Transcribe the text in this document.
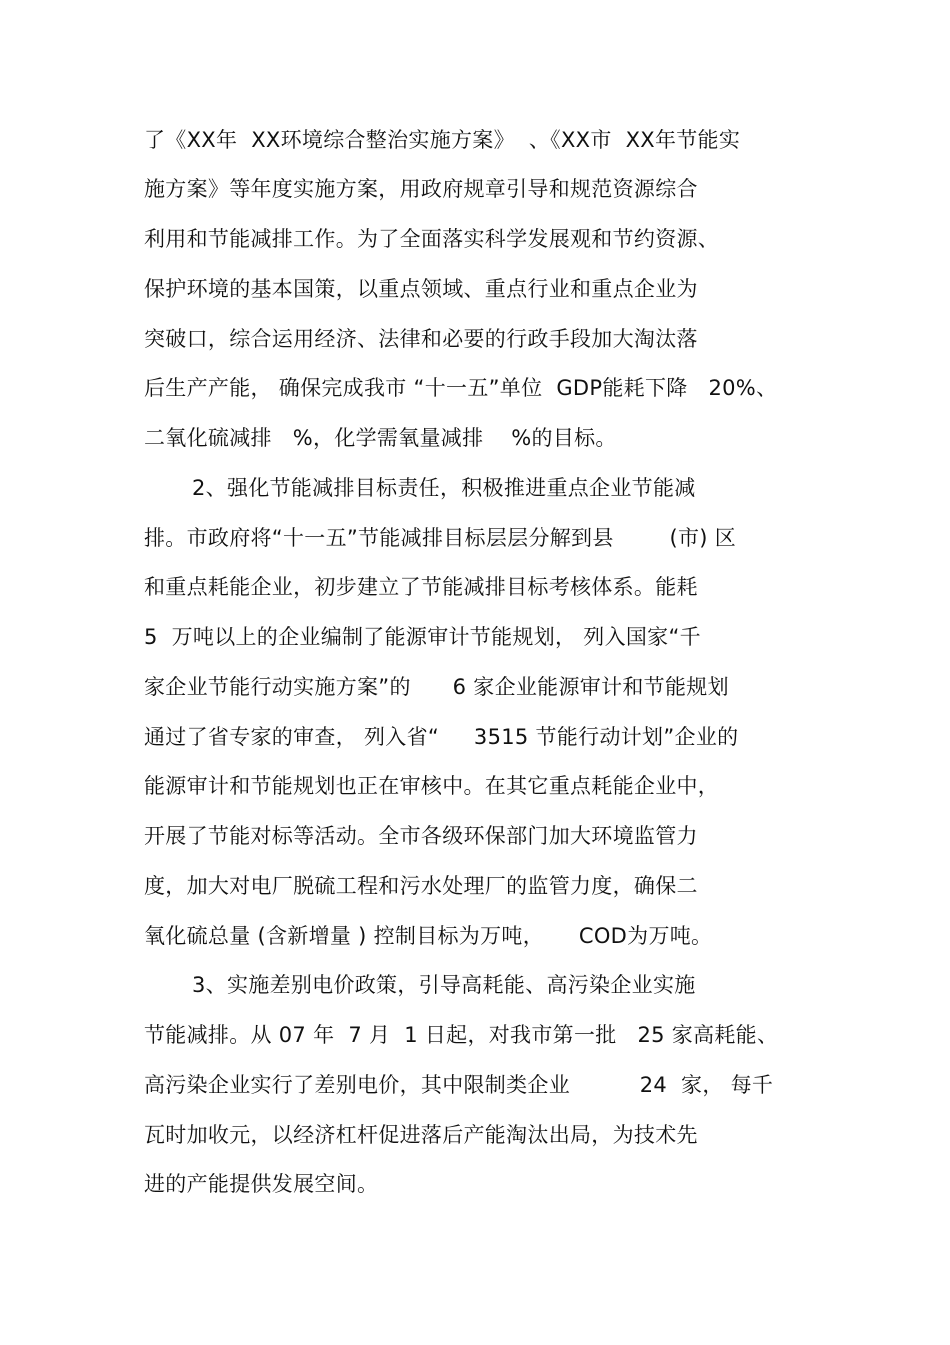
了《XX年  XX环境综合整治实施方案》  、《XX市  XX年节能实
施方案》等年度实施方案，用政府规章引导和规范资源综合
利用和节能减排工作。为了全面落实科学发展观和节约资源、
保护环境的基本国策，以重点领域、重点行业和重点企业为
突破口，综合运用经济、法律和必要的行政手段加大淘汰落
后生产产能， 确保完成我市 “十一五”单位  GDP能耗下降   20%、
二氧化硫减排   %，化学需氧量减排    %的目标。
2、强化节能减排目标责任，积极推进重点企业节能减
排。市政府将“十一五”节能减排目标层层分解到县        (市) 区
和重点耗能企业，初步建立了节能减排目标考核体系。能耗
5  万吨以上的企业编制了能源审计节能规划， 列入国家“千
家企业节能行动实施方案”的      6 家企业能源审计和节能规划
通过了省专家的审查， 列入省“     3515 节能行动计划”企业的
能源审计和节能规划也正在审核中。在其它重点耗能企业中，
开展了节能对标等活动。全市各级环保部门加大环境监管力
度，加大对电厂脱硫工程和污水处理厂的监管力度，确保二
氧化硫总量 (含新增量 ) 控制目标为万吨，     COD为万吨。
3、实施差别电价政策，引导高耗能、高污染企业实施
节能减排。从 07 年  7 月  1 日起，对我市第一批   25 家高耗能、
高污染企业实行了差别电价，其中限制类企业          24  家， 每千
瓦时加收元，以经济杠杆促进落后产能淘汰出局，为技术先
进的产能提供发展空间。
